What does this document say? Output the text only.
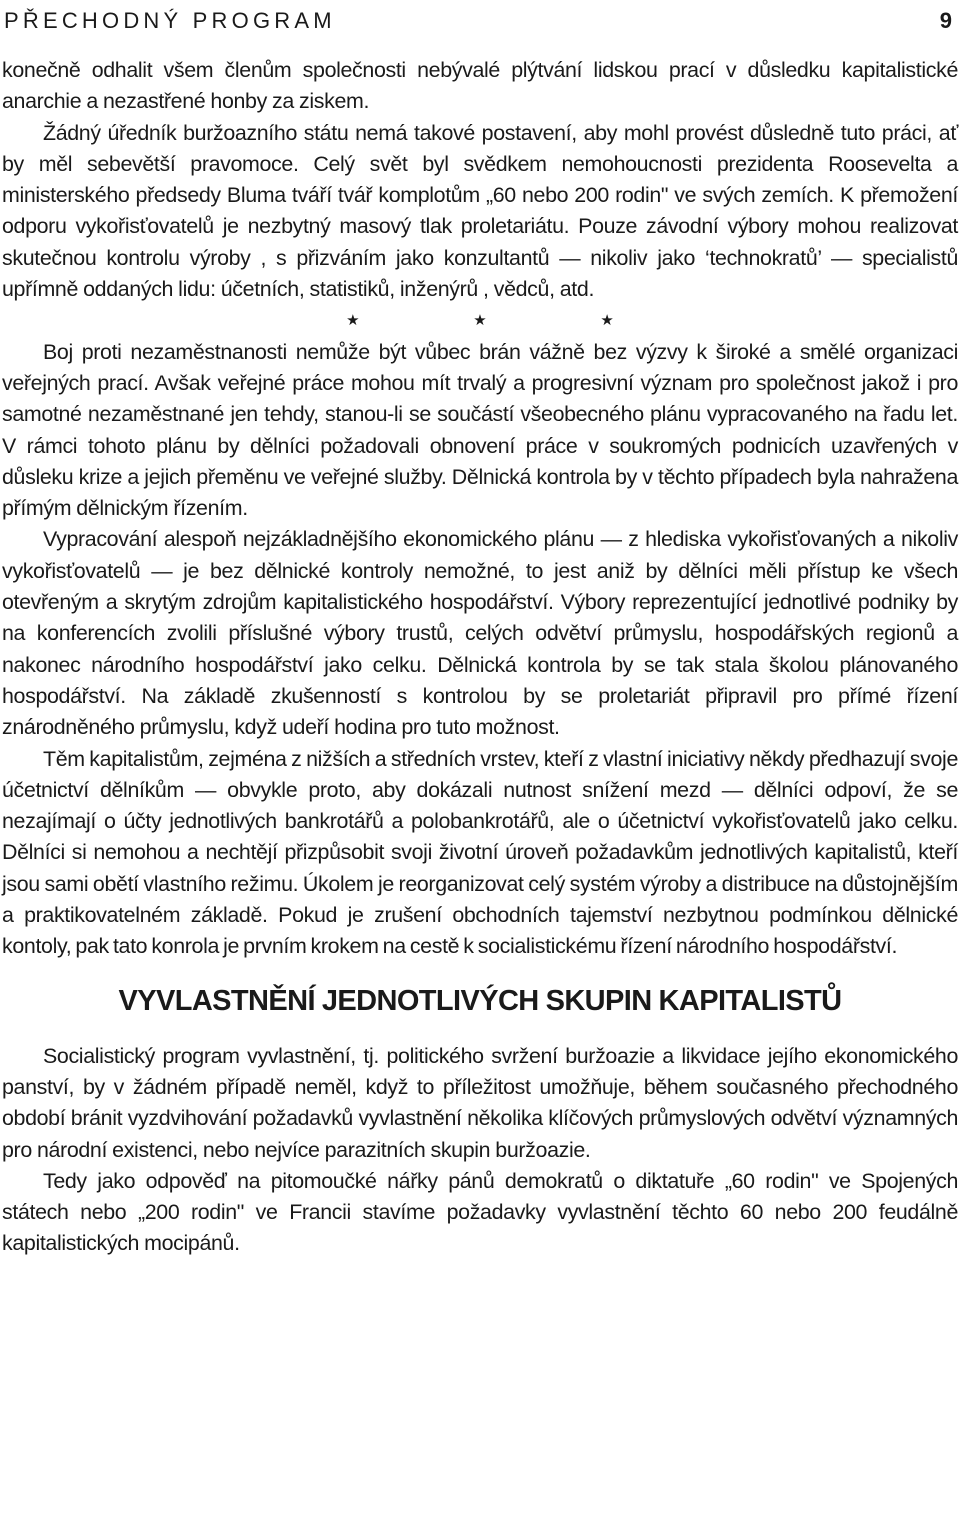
PŘECHODNÝ PROGRAM	9

konečně odhalit všem členům společnosti nebývalé plýtvání lidskou prací v důsledku kapitalistické anarchie a nezastřené honby za ziskem.

Žádný úředník buržoazního státu nemá takové postavení, aby mohl provést důsledně tuto práci, ať by měl sebevětší pravomoce. Celý svět byl svědkem nemohoucnosti prezidenta Roosevelta a ministerského předsedy Bluma tváří tvář komplotům „60 nebo 200 rodin" ve svých zemích. K přemožení odporu vykořisťovatelů je nezbytný masový tlak proletariátu. Pouze závodní výbory mohou realizovat skutečnou kontrolu výroby , s přizváním jako konzultantů — nikoliv jako ‘technokratů’ — specialistů upřímně oddaných lidu: účetních, statistiků, inženýrů , vědců, atd.

★	★	★

Boj proti nezaměstnanosti nemůže být vůbec brán vážně bez výzvy k široké a smělé organizaci veřejných prací. Avšak veřejné práce mohou mít trvalý a progresivní význam pro společnost jakož i pro samotné nezaměstnané jen tehdy, stanou-li se součástí všeobecného plánu vypracovaného na řadu let. V rámci tohoto plánu by dělníci požadovali obnovení práce v soukromých podnicích uzavřených v důsleku krize a jejich přeměnu ve veřejné služby. Dělnická kontrola by v těchto případech byla nahražena přímým dělnickým řízením.

Vypracování alespoň nejzákladnějšího ekonomického plánu — z hlediska vykořisťovaných a nikoliv vykořisťovatelů — je bez dělnické kontroly nemožné, to jest aniž by dělníci měli přístup ke všech otevřeným a skrytým zdrojům kapitalistického hospodářství. Výbory reprezentující jednotlivé podniky by na konferencích zvolili příslušné výbory trustů, celých odvětví průmyslu, hospodářských regionů a nakonec národního hospodářství jako celku. Dělnická kontrola by se tak stala školou plánovaného hospodářství. Na základě zkušenností s kontrolou by se proletariát připravil pro přímé řízení znárodněného průmyslu, když udeří hodina pro tuto možnost.

Těm kapitalistům, zejména z nižších a středních vrstev, kteří z vlastní iniciativy někdy předhazují svoje účetnictví dělníkům — obvykle proto, aby dokázali nutnost snížení mezd — dělníci odpoví, že se nezajímají o účty jednotlivých bankrotářů a polobankrotářů, ale o účetnictví vykořisťovatelů jako celku. Dělníci si nemohou a nechtějí přizpůsobit svoji životní úroveň požadavkům jednotlivých kapitalistů, kteří jsou sami obětí vlastního režimu. Úkolem je reorganizovat celý systém výroby a distribuce na důstojnějším a praktikovatelném základě. Pokud je zrušení obchodních tajemství nezbytnou podmínkou dělnické kontoly, pak tato konrola je prvním krokem na cestě k socialistickému řízení národního hospodářství.

VYVLASTNĚNÍ JEDNOTLIVÝCH SKUPIN KAPITALISTŮ

Socialistický program vyvlastnění, tj. politického svržení buržoazie a likvidace jejího ekonomického panství, by v žádném případě neměl, když to příležitost umožňuje, během současného přechodného období bránit vyzdvihování požadavků vyvlastnění několika klíčových průmyslových odvětví významných pro národní existenci, nebo nejvíce parazitních skupin buržoazie.

Tedy jako odpověď na pitomoučké nářky pánů demokratů o diktatuře „60 rodin" ve Spojených státech nebo „200 rodin" ve Francii stavíme požadavky vyvlastnění těchto 60 nebo 200 feudálně kapitalistických mocipánů.
